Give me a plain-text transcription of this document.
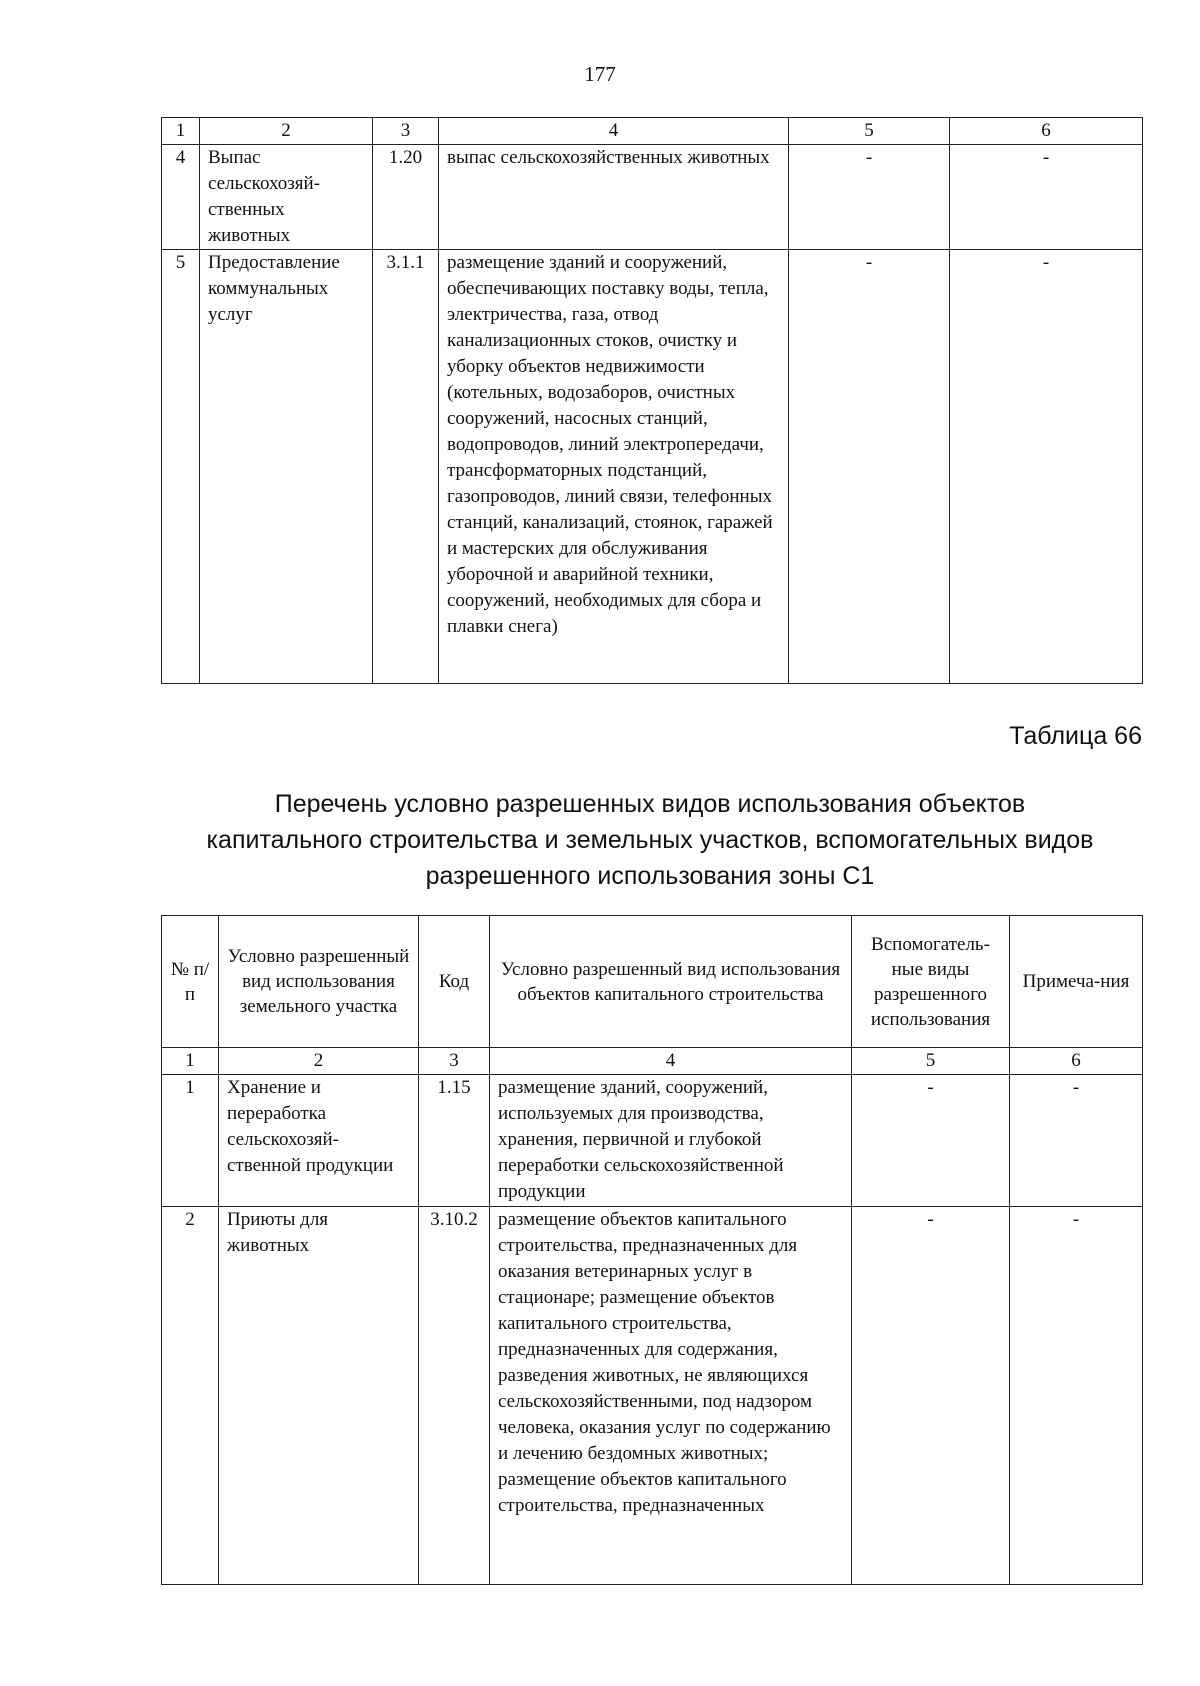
177
1	2	3	4	5	6
4	Выпас сельскохозяй-ственных животных	1.20	выпас сельскохозяйственных животных	-	-
5	Предоставление коммунальных услуг	3.1.1	размещение зданий и сооружений, обеспечивающих поставку воды, тепла, электричества, газа, отвод канализационных стоков, очистку и уборку объектов недвижимости (котельных, водозаборов, очистных сооружений, насосных станций, водопроводов, линий электропередачи, трансформаторных подстанций, газопроводов, линий связи, телефонных станций, канализаций, стоянок, гаражей и мастерских для обслуживания уборочной и аварийной техники, сооружений, необходимых для сбора и плавки снега)	-	-
Таблица 66
Перечень условно разрешенных видов использования объектов
капитального строительства и земельных участков, вспомогательных видов
разрешенного использования зоны С1
№ п/п	Условно разрешенный вид использования земельного участка	Код	Условно разрешенный вид использования объектов капитального строительства	Вспомогатель-ные виды разрешенного использования	Примеча-ния
1	2	3	4	5	6
1	Хранение и переработка сельскохозяй-ственной продукции	1.15	размещение зданий, сооружений, используемых для производства, хранения, первичной и глубокой переработки сельскохозяйственной продукции	-	-
2	Приюты для животных	3.10.2	размещение объектов капитального строительства, предназначенных для оказания ветеринарных услуг в стационаре; размещение объектов капитального строительства, предназначенных для содержания, разведения животных, не являющихся сельскохозяйственными, под надзором человека, оказания услуг по содержанию и лечению бездомных животных; размещение объектов капитального строительства, предназначенных	-	-
